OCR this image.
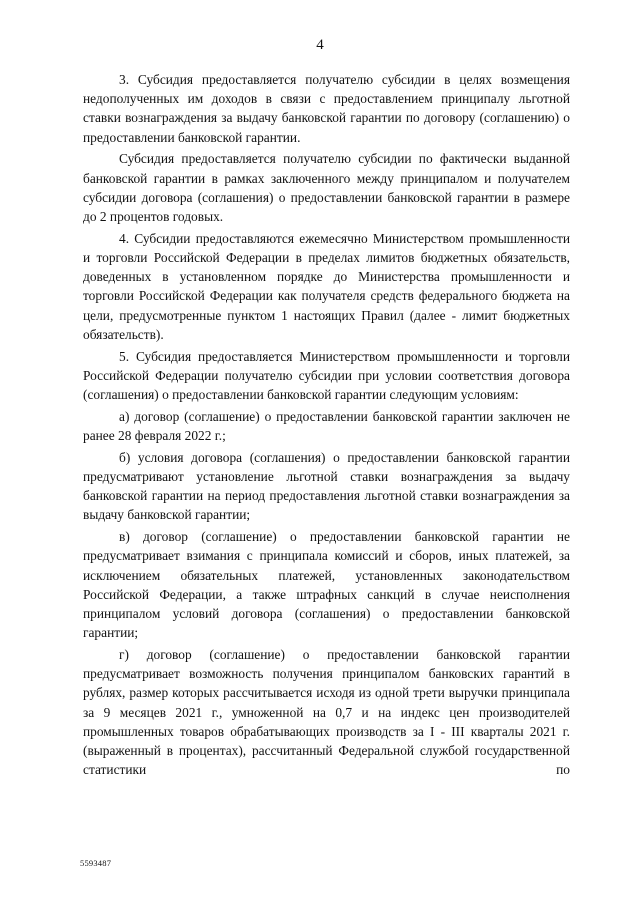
4

3. Субсидия предоставляется получателю субсидии в целях возмещения недополученных им доходов в связи с предоставлением принципалу льготной ставки вознаграждения за выдачу банковской гарантии по договору (соглашению) о предоставлении банковской гарантии.

Субсидия предоставляется получателю субсидии по фактически выданной банковской гарантии в рамках заключенного между принципалом и получателем субсидии договора (соглашения) о предоставлении банковской гарантии в размере до 2 процентов годовых.

4. Субсидии предоставляются ежемесячно Министерством промышленности и торговли Российской Федерации в пределах лимитов бюджетных обязательств, доведенных в установленном порядке до Министерства промышленности и торговли Российской Федерации как получателя средств федерального бюджета на цели, предусмотренные пунктом 1 настоящих Правил (далее - лимит бюджетных обязательств).

5. Субсидия предоставляется Министерством промышленности и торговли Российской Федерации получателю субсидии при условии соответствия договора (соглашения) о предоставлении банковской гарантии следующим условиям:

а) договор (соглашение) о предоставлении банковской гарантии заключен не ранее 28 февраля 2022 г.;

б) условия договора (соглашения) о предоставлении банковской гарантии предусматривают установление льготной ставки вознаграждения за выдачу банковской гарантии на период предоставления льготной ставки вознаграждения за выдачу банковской гарантии;

в) договор (соглашение) о предоставлении банковской гарантии не предусматривает взимания с принципала комиссий и сборов, иных платежей, за исключением обязательных платежей, установленных законодательством Российской Федерации, а также штрафных санкций в случае неисполнения принципалом условий договора (соглашения) о предоставлении банковской гарантии;

г) договор (соглашение) о предоставлении банковской гарантии предусматривает возможность получения принципалом банковских гарантий в рублях, размер которых рассчитывается исходя из одной трети выручки принципала за 9 месяцев 2021 г., умноженной на 0,7 и на индекс цен производителей промышленных товаров обрабатывающих производств за I - III кварталы 2021 г. (выраженный в процентах), рассчитанный Федеральной службой государственной статистики по

5593487
